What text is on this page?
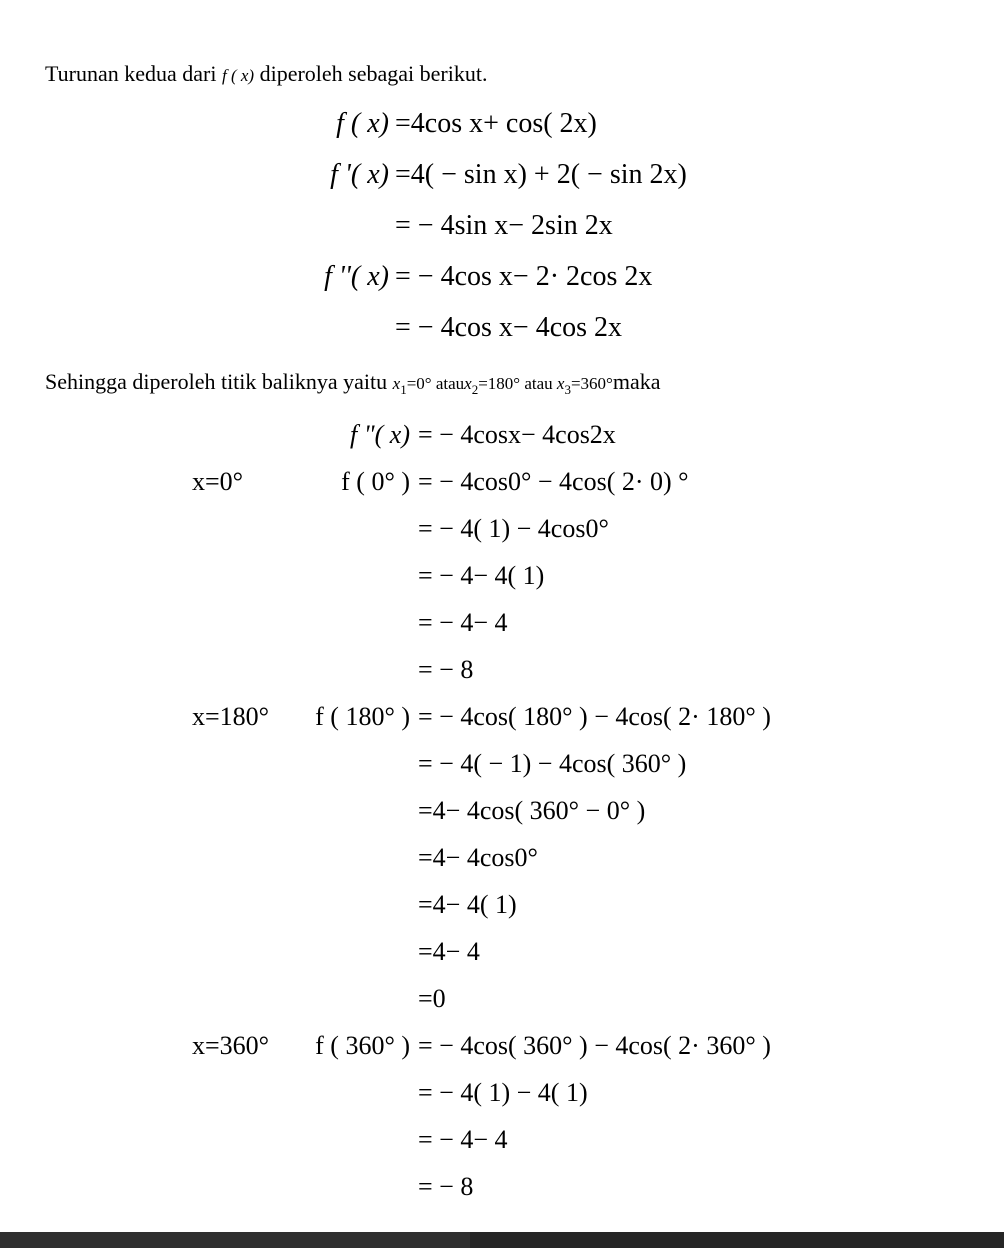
Turunan kedua dari f ( x) diperoleh sebagai berikut.
f ( x) =4cos x+ cos( 2x)
f '( x) =4( − sin x) + 2( − sin 2x)
= − 4sin x− 2sin 2x
f ''( x) = − 4cos x− 2· 2cos 2x
= − 4cos x− 4cos 2x
Sehingga diperoleh titik baliknya yaitu $x_1=0^\circ$ ataux$_2$=180° atau $x_3=360^\circ maka$
f "( x) = − 4cosx− 4cos2x
x=0°	f ( 0° ) = − 4cos0° − 4cos( 2· 0) °
= − 4( 1) − 4cos0°
= − 4− 4( 1)
= − 4− 4
= − 8
x=180° f ( 180° ) = − 4cos( 180° ) − 4cos( 2· 180° )
= − 4( − 1) − 4cos( 360° )
=4− 4cos( 360° − 0° )
=4− 4cos0°
=4− 4( 1)
=4− 4
=0
x=360° f ( 360° ) = − 4cos( 360° ) − 4cos( 2· 360° )
= − 4( 1) − 4( 1)
= − 4− 4
= − 8
